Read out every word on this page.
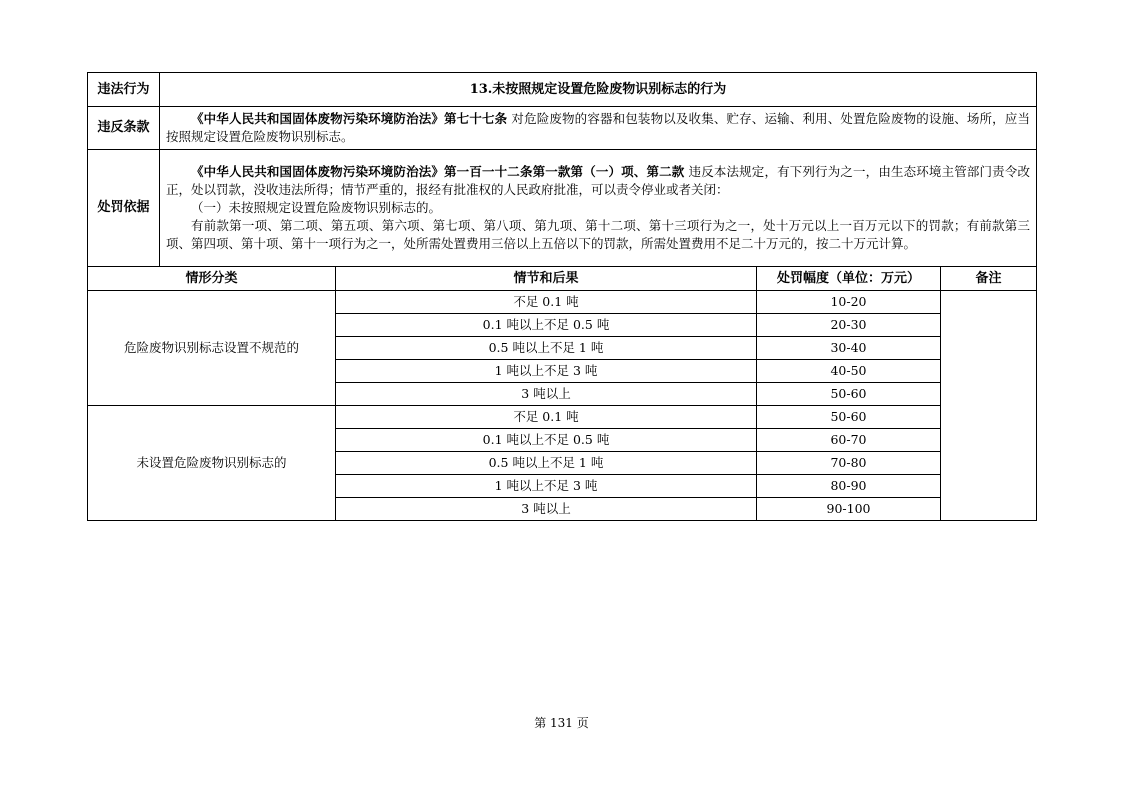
违法行为	13.未按照规定设置危险废物识别标志的行为
违反条款	《中华人民共和国固体废物污染环境防治法》第七十七条 对危险废物的容器和包装物以及收集、贮存、运输、利用、处置危险废物的设施、场所，应当按照规定设置危险废物识别标志。

处罚依据	《中华人民共和国固体废物污染环境防治法》第一百一十二条第一款第（一）项、第二款 违反本法规定，有下列行为之一，由生态环境主管部门责令改正，处以罚款，没收违法所得；情节严重的，报经有批准权的人民政府批准，可以责令停业或者关闭：

（一）未按照规定设置危险废物识别标志的。

有前款第一项、第二项、第五项、第六项、第七项、第八项、第九项、第十二项、第十三项行为之一，处十万元以上一百万元以下的罚款；有前款第三项、第四项、第十项、第十一项行为之一，处所需处置费用三倍以上五倍以下的罚款，所需处置费用不足二十万元的，按二十万元计算。

情形分类	情节和后果	处罚幅度（单位：万元）	备注
危险废物识别标志设置不规范的	不足 0.1 吨	10-20	
	0.1 吨以上不足 0.5 吨	20-30	
	0.5 吨以上不足 1 吨	30-40	
	1 吨以上不足 3 吨	40-50	
	3 吨以上	50-60	
未设置危险废物识别标志的	不足 0.1 吨	50-60	
	0.1 吨以上不足 0.5 吨	60-70	
	0.5 吨以上不足 1 吨	70-80	
	1 吨以上不足 3 吨	80-90	
	3 吨以上	90-100	
第 131 页
